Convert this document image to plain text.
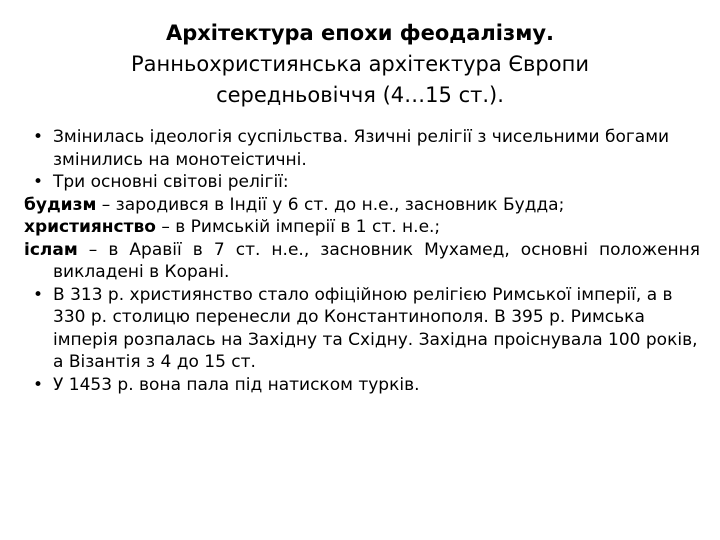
Архітектура епохи феодалізму.
Ранньохристиянська архітектура Європи
середньовіччя (4…15 ст.).

• Змінилась ідеологія суспільства. Язичні релігії з чисельними богами змінились на монотеістичні.

• Три основні світові релігії:

будизм – зародився в Індії у 6 ст. до н.е., засновник Будда;

християнство – в Римській імперії в 1 ст. н.е.;

іслам – в Аравії в 7 ст. н.е., засновник Мухамед, основні положення викладені в Корані.

• В 313 р. християнство стало офіційною релігією Римської імперії, а в 330 р. столицю перенесли до Константинополя. В 395 р. Римська імперія розпалась на Західну та Східну. Західна проіснувала 100 років, а Візантія з 4 до 15 ст.

• У 1453 р. вона пала під натиском турків.
